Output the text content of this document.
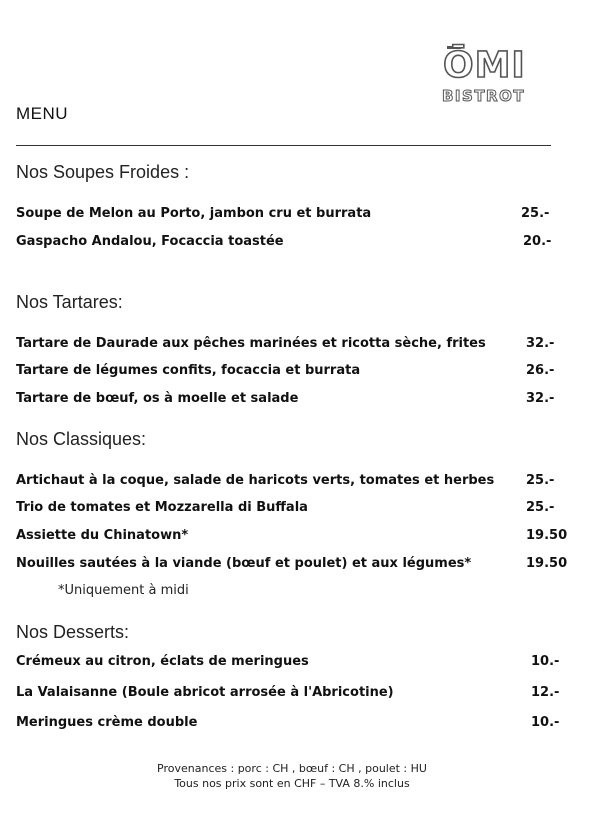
ŌMI
BISTROT
MENU
Nos Soupes Froides :
Soupe de Melon au Porto, jambon cru et burrata	25.-
Gaspacho Andalou, Focaccia toastée	20.-
Nos Tartares:
Tartare de Daurade aux pêches marinées et ricotta sèche, frites	32.-
Tartare de légumes confits, focaccia et burrata	26.-
Tartare de bœuf, os à moelle et salade	32.-
Nos Classiques:
Artichaut à la coque, salade de haricots verts, tomates et herbes 25.-
Trio de tomates et Mozzarella di Buffala	25.-
Assiette du Chinatown*	19.50
Nouilles sautées à la viande (bœuf et poulet) et aux légumes*	19.50
*Uniquement à midi
Nos Desserts:
Crémeux au citron, éclats de meringues	10.-
La Valaisanne (Boule abricot arrosée à l'Abricotine)	12.-
Meringues crème double	10.-
Provenances : porc : CH , bœuf : CH , poulet : HU
Tous nos prix sont en CHF – TVA 8.% inclus
